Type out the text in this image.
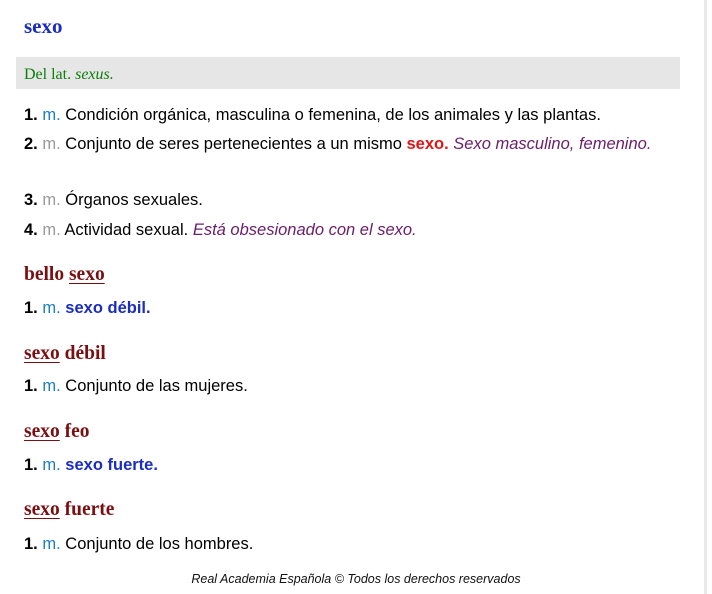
sexo
Del lat. sexus.
1. m. Condición orgánica, masculina o femenina, de los animales y las plantas.
2. m. Conjunto de seres pertenecientes a un mismo sexo. Sexo masculino, femenino.
3. m. Órganos sexuales.
4. m. Actividad sexual. Está obsesionado con el sexo.
bello sexo
1. m. sexo débil.
sexo débil
1. m. Conjunto de las mujeres.
sexo feo
1. m. sexo fuerte.
sexo fuerte
1. m. Conjunto de los hombres.
Real Academia Española © Todos los derechos reservados
